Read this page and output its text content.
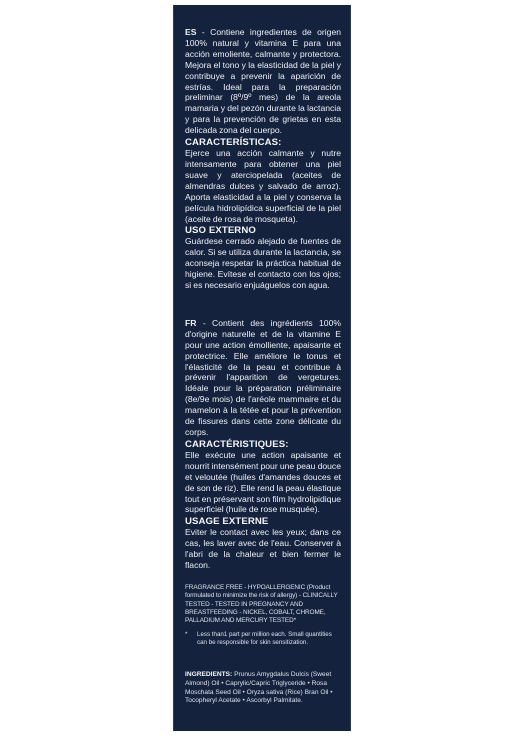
ES - Contiene ingredientes de origen 100% natural y vitamina E para una acción emoliente, calmante y protectora. Mejora el tono y la elasticidad de la piel y contribuye a prevenir la aparición de estrías. Ideal para la preparación preliminar (8º/9º mes) de la areola mamaria y del pezón durante la lactancia y para la prevención de grietas en esta delicada zona del cuerpo.
CARACTERÍSTICAS:
Ejerce una acción calmante y nutre intensamente para obtener una piel suave y aterciopelada (aceites de almendras dulces y salvado de arroz). Aporta elasticidad a la piel y conserva la película hidrolipídica superficial de la piel (aceite de rosa de mosqueta).
USO EXTERNO
Guárdese cerrado alejado de fuentes de calor. Si se utiliza durante la lactancia, se aconseja respetar la práctica habitual de higiene. Evítese el contacto con los ojos; si es necesario enjuáguelos con agua.
FR - Contient des ingrédients 100% d'origine naturelle et de la vitamine E pour une action émolliente, apaisante et protectrice. Elle améliore le tonus et l'élasticité de la peau et contribue à prévenir l'apparition de vergetures. Idéale pour la préparation préliminaire (8e/9e mois) de l'aréole mammaire et du mamelon à la tétée et pour la prévention de fissures dans cette zone délicate du corps.
CARACTÉRISTIQUES:
Elle exécute une action apaisante et nourrit intensément pour une peau douce et veloutée (huiles d'amandes douces et de son de riz). Elle rend la peau élastique tout en préservant son film hydrolipidique superficiel (huile de rose musquée).
USAGE EXTERNE
Eviter le contact avec les yeux; dans ce cas, les laver avec de l'eau. Conserver à l'abri de la chaleur et bien fermer le flacon.
FRAGRANCE FREE - HYPOALLERGENIC (Product formulated to minimize the risk of allergy) - CLINICALLY TESTED - TESTED IN PREGNANCY AND BREASTFEEDING - NICKEL, COBALT, CHROME, PALLADIUM AND MERCURY TESTED*
*	Less than1 part per million each. Small quantities can be responsible for skin sensitization.
INGREDIENTS: Prunus Amygdalus Dulcis (Sweet Almond) Oil • Caprylic/Capric Triglyceride • Rosa Moschata Seed Oil • Oryza sativa (Rice) Bran Oil • Tocopheryl Acetate • Ascorbyl Palmitate.
